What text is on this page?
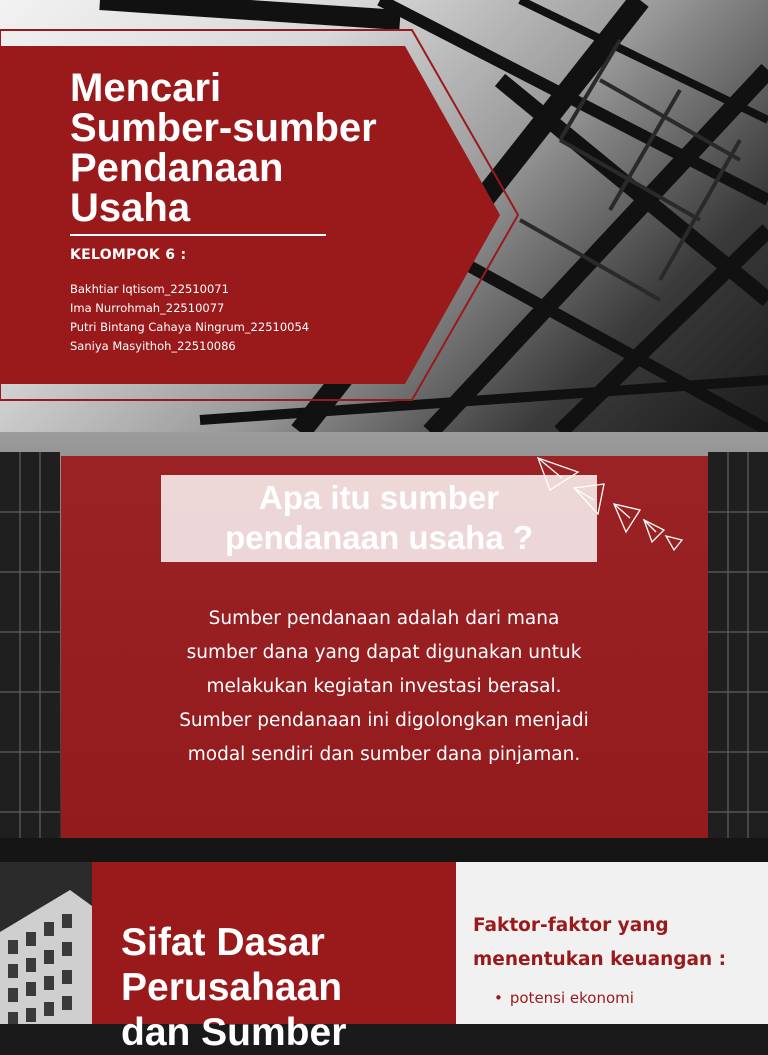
Mencari
Sumber-sumber
Pendanaan
Usaha
KELOMPOK 6 :
Bakhtiar Iqtisom_22510071
Ima Nurrohmah_22510077
Putri Bintang Cahaya Ningrum_22510054
Saniya Masyithoh_22510086
Apa itu sumber
pendanaan usaha ?
Sumber pendanaan adalah dari mana
sumber dana yang dapat digunakan untuk
melakukan kegiatan investasi berasal.
Sumber pendanaan ini digolongkan menjadi
modal sendiri dan sumber dana pinjaman.
Sifat Dasar
Perusahaan
dan Sumber
Faktor-faktor yang
menentukan keuangan :
• potensi ekonomi
